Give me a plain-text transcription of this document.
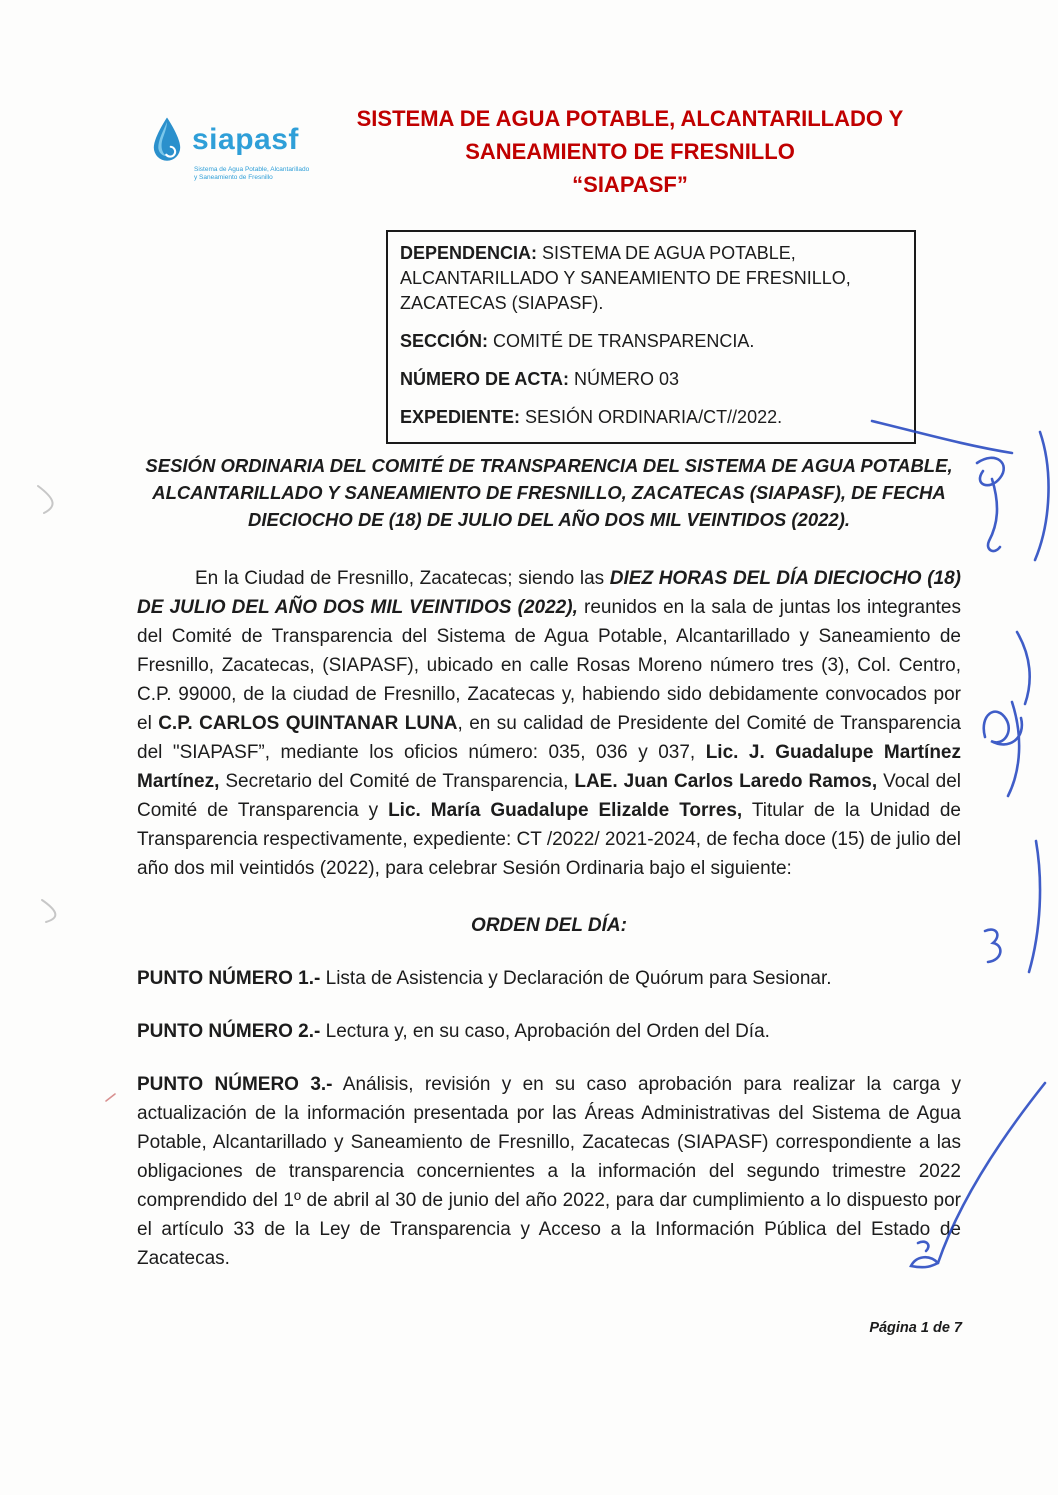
siapasf
Sistema de Agua Potable, Alcantarillado
y Saneamiento de Fresnillo
SISTEMA DE AGUA POTABLE, ALCANTARILLADO Y
SANEAMIENTO DE FRESNILLO
“SIAPASF”

DEPENDENCIA: SISTEMA DE AGUA POTABLE, ALCANTARILLADO Y SANEAMIENTO DE FRESNILLO, ZACATECAS (SIAPASF).

SECCIÓN: COMITÉ DE TRANSPARENCIA.

NÚMERO DE ACTA: NÚMERO 03

EXPEDIENTE: SESIÓN ORDINARIA/CT//2022.

SESIÓN ORDINARIA DEL COMITÉ DE TRANSPARENCIA DEL SISTEMA DE AGUA POTABLE, ALCANTARILLADO Y SANEAMIENTO DE FRESNILLO, ZACATECAS (SIAPASF), DE FECHA DIECIOCHO DE (18) DE JULIO DEL AÑO DOS MIL VEINTIDOS (2022).

En la Ciudad de Fresnillo, Zacatecas; siendo las DIEZ HORAS DEL DÍA DIECIOCHO (18) DE JULIO DEL AÑO DOS MIL VEINTIDOS (2022), reunidos en la sala de juntas los integrantes del Comité de Transparencia del Sistema de Agua Potable, Alcantarillado y Saneamiento de Fresnillo, Zacatecas, (SIAPASF), ubicado en calle Rosas Moreno número tres (3), Col. Centro, C.P. 99000, de la ciudad de Fresnillo, Zacatecas y, habiendo sido debidamente convocados por el C.P. CARLOS QUINTANAR LUNA, en su calidad de Presidente del Comité de Transparencia del "SIAPASF”, mediante los oficios número: 035, 036 y 037, Lic. J. Guadalupe Martínez Martínez, Secretario del Comité de Transparencia, LAE. Juan Carlos Laredo Ramos, Vocal del Comité de Transparencia y Lic. María Guadalupe Elizalde Torres, Titular de la Unidad de Transparencia respectivamente, expediente: CT /2022/ 2021-2024, de fecha doce (15) de julio del año dos mil veintidós (2022), para celebrar Sesión Ordinaria bajo el siguiente:

ORDEN DEL DÍA:

PUNTO NÚMERO 1.- Lista de Asistencia y Declaración de Quórum para Sesionar.

PUNTO NÚMERO 2.- Lectura y, en su caso, Aprobación del Orden del Día.

PUNTO NÚMERO 3.- Análisis, revisión y en su caso aprobación para realizar la carga y actualización de la información presentada por las Áreas Administrativas del Sistema de Agua Potable, Alcantarillado y Saneamiento de Fresnillo, Zacatecas (SIAPASF) correspondiente a las obligaciones de transparencia concernientes a la información del segundo trimestre 2022 comprendido del 1º de abril al 30 de junio del año 2022, para dar cumplimiento a lo dispuesto por el artículo 33 de la Ley de Transparencia y Acceso a la Información Pública del Estado de Zacatecas.

Página 1 de 7
